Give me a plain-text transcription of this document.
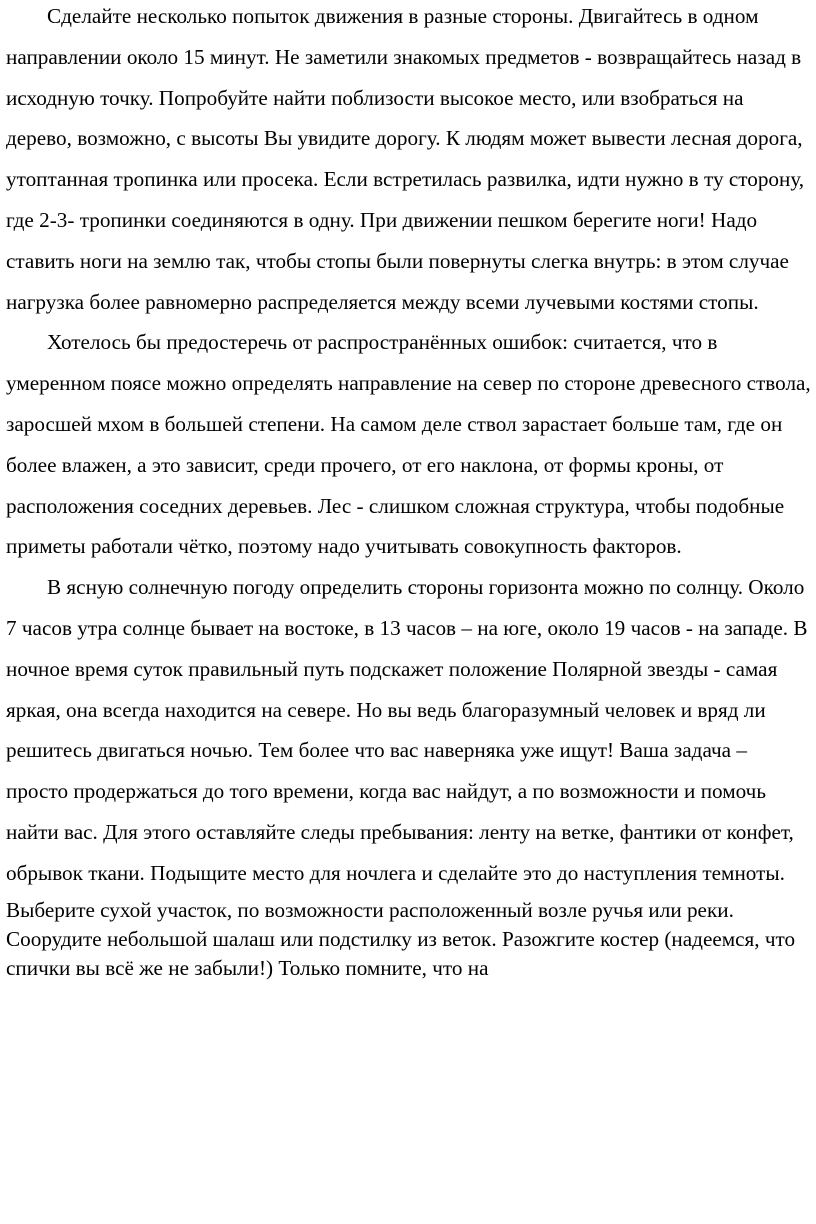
Сделайте несколько попыток движения в разные стороны. Двигайтесь в одном направлении около 15 минут. Не заметили знакомых предметов - возвращайтесь назад в исходную точку. Попробуйте найти поблизости высокое место, или взобраться на дерево, возможно, с высоты Вы увидите дорогу. К людям может вывести лесная дорога, утоптанная тропинка или просека. Если встретилась развилка, идти нужно в ту сторону, где 2-3- тропинки соединяются в одну. При движении пешком берегите ноги! Надо ставить ноги на землю так, чтобы стопы были повернуты слегка внутрь: в этом случае нагрузка более равномерно распределяется между всеми лучевыми костями стопы.

Хотелось бы предостеречь от распространённых ошибок: считается, что в умеренном поясе можно определять направление на север по стороне древесного ствола, заросшей мхом в большей степени. На самом деле ствол зарастает больше там, где он более влажен, а это зависит, среди прочего, от его наклона, от формы кроны, от расположения соседних деревьев. Лес - слишком сложная структура, чтобы подобные приметы работали чётко, поэтому надо учитывать совокупность факторов.

В ясную солнечную погоду определить стороны горизонта можно по солнцу. Около 7 часов утра солнце бывает на востоке, в 13 часов – на юге, около 19 часов - на западе. В ночное время суток правильный путь подскажет положение Полярной звезды - самая яркая, она всегда находится на севере. Но вы ведь благоразумный человек и вряд ли решитесь двигаться ночью. Тем более что вас наверняка уже ищут! Ваша задача – просто продержаться до того времени, когда вас найдут, а по возможности и помочь найти вас. Для этого оставляйте следы пребывания: ленту на ветке, фантики от конфет, обрывок ткани. Подыщите место для ночлега и сделайте это до наступления темноты.

Выберите сухой участок, по возможности расположенный возле ручья или реки. Соорудите небольшой шалаш или подстилку из веток. Разожгите костер (надеемся, что спички вы всё же не забыли!) Только помните, что на
